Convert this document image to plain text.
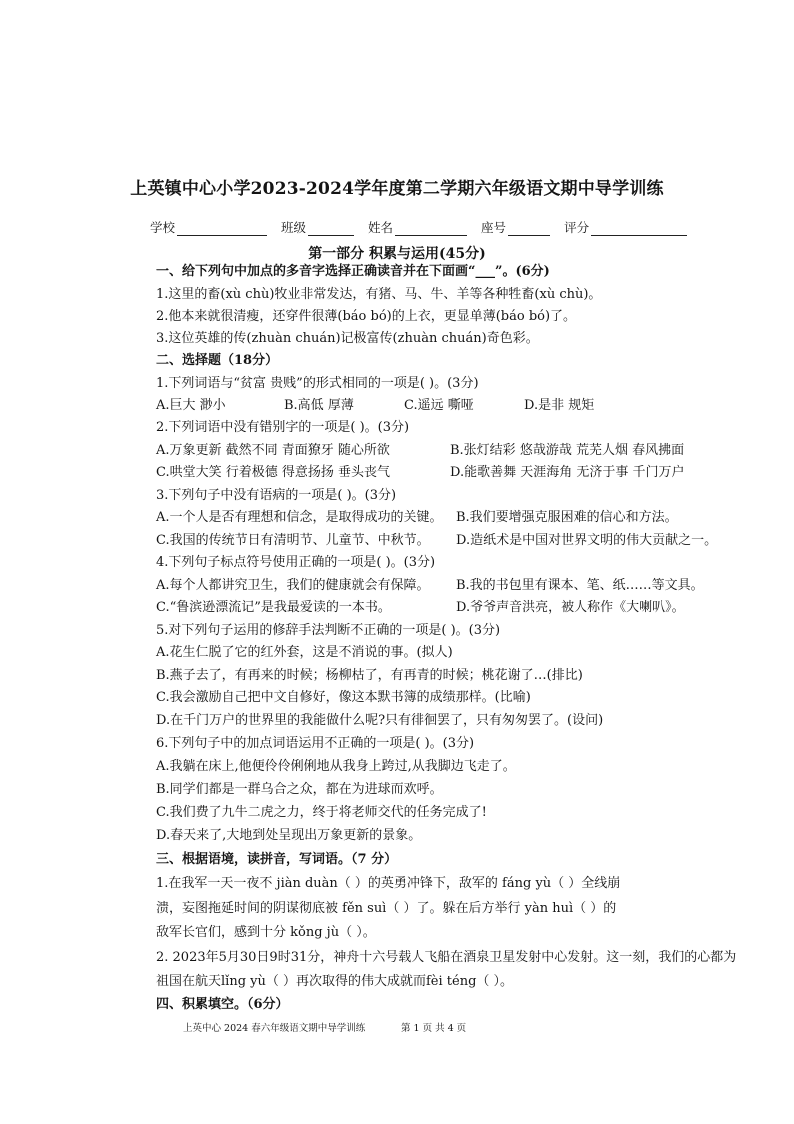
上英镇中心小学2023-2024学年度第二学期六年级语文期中导学训练
学校	班级	姓名	座号	评分
第一部分 积累与运用(45分)
一、给下列句中加点的多音字选择正确读音并在下面画“___”。(6分)
1.这里的畜(xù chù)牧业非常发达，有猪、马、牛、羊等各种牲畜(xù chù)。
2.他本来就很清瘦，还穿件很薄(báo bó)的上衣，更显单薄(báo bó)了。
3.这位英雄的传(zhuàn chuán)记极富传(zhuàn chuán)奇色彩。
二、选择题（18分）
1.下列词语与“贫富 贵贱”的形式相同的一项是( )。(3分)
A.巨大 渺小	B.高低 厚薄	C.遥远 嘶哑	D.是非 规矩
2.下列词语中没有错别字的一项是( )。(3分)
A.万象更新 截然不同 青面獠牙 随心所欲	B.张灯结彩 悠哉游哉 荒芜人烟 春风拂面
C.哄堂大笑 行着极德 得意扬扬 垂头丧气	D.能歌善舞 天涯海角 无济于事 千门万户
3.下列句子中没有语病的一项是( )。(3分)
A.一个人是否有理想和信念，是取得成功的关键。 B.我们要增强克服困难的信心和方法。
C.我国的传统节日有清明节、儿童节、中秋节。 D.造纸术是中国对世界文明的伟大贡献之一。
4.下列句子标点符号使用正确的一项是( )。(3分)
A.每个人都讲究卫生，我们的健康就会有保障。 B.我的书包里有课本、笔、纸……等文具。
C.“鲁滨逊漂流记”是我最爱读的一本书。	D.爷爷声音洪亮，被人称作《大喇叭》。
5.对下列句子运用的修辞手法判断不正确的一项是( )。(3分)
A.花生仁脱了它的红外套，这是不消说的事。(拟人)
B.燕子去了，有再来的时候；杨柳枯了，有再青的时候；桃花谢了…(排比)
C.我会激励自己把中文自修好，像这本默书簿的成绩那样。(比喻)
D.在千门万户的世界里的我能做什么呢?只有徘徊罢了，只有匆匆罢了。(设问)
6.下列句子中的加点词语运用不正确的一项是( )。(3分)
A.我躺在床上,他便伶伶俐俐地从我身上跨过,从我脚边飞走了。
B.同学们都是一群乌合之众，都在为进球而欢呼。
C.我们费了九牛二虎之力，终于将老师交代的任务完成了!
D.春天来了,大地到处呈现出万象更新的景象。
三、根据语境，读拼音，写词语。（7 分）
1.在我军一天一夜不 jiàn duàn（ ）的英勇冲锋下，敌军的 fáng yù（ ）全线崩
溃，妄图拖延时间的阴谋彻底被 fěn suì（ ）了。躲在后方举行 yàn huì（ ）的
敌军长官们，感到十分 kǒng jù（ ）。
2. 2023年5月30日9时31分，神舟十六号载人飞船在酒泉卫星发射中心发射。这一刻，我们的心都为
祖国在航天lǐng yù（ ）再次取得的伟大成就而fèi téng（ ）。
四、积累填空。（6分）
上英中心 2024 春六年级语文期中导学训练	第 1 页 共 4 页
